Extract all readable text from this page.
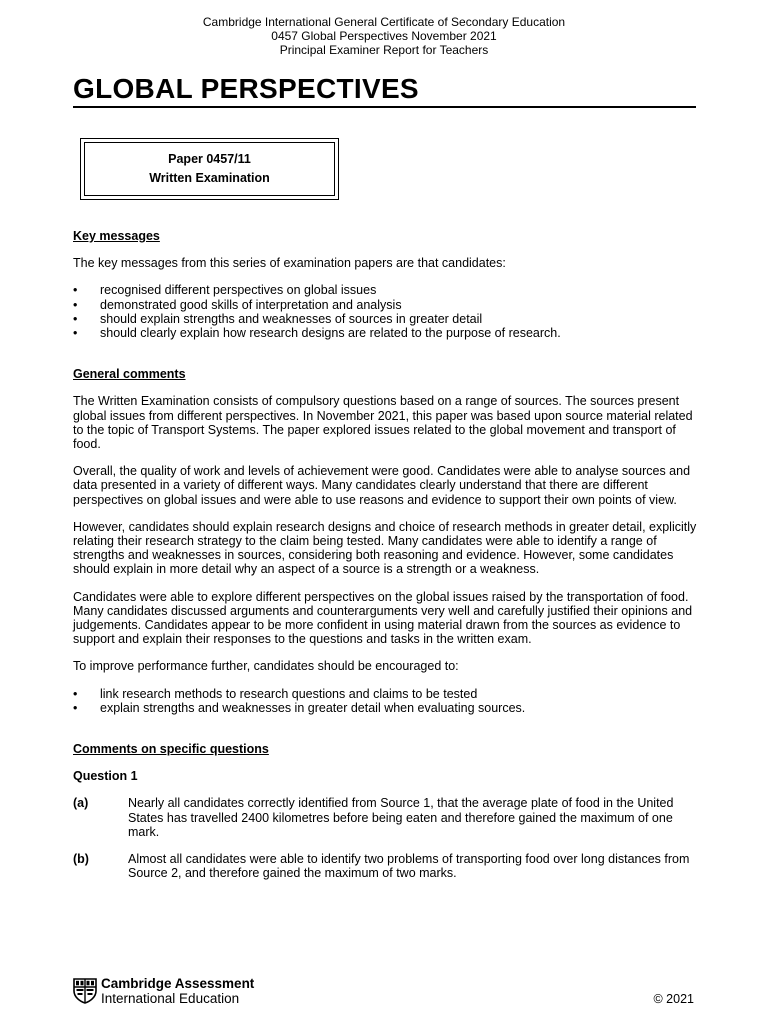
Cambridge International General Certificate of Secondary Education
0457 Global Perspectives November 2021
Principal Examiner Report for Teachers
GLOBAL PERSPECTIVES
Paper 0457/11
Written Examination
Key messages

The key messages from this series of examination papers are that candidates:

• recognised different perspectives on global issues
• demonstrated good skills of interpretation and analysis
• should explain strengths and weaknesses of sources in greater detail
• should clearly explain how research designs are related to the purpose of research.
General comments

The Written Examination consists of compulsory questions based on a range of sources. The sources present global issues from different perspectives. In November 2021, this paper was based upon source material related to the topic of Transport Systems. The paper explored issues related to the global movement and transport of food.

Overall, the quality of work and levels of achievement were good. Candidates were able to analyse sources and data presented in a variety of different ways. Many candidates clearly understand that there are different perspectives on global issues and were able to use reasons and evidence to support their own points of view.

However, candidates should explain research designs and choice of research methods in greater detail, explicitly relating their research strategy to the claim being tested. Many candidates were able to identify a range of strengths and weaknesses in sources, considering both reasoning and evidence. However, some candidates should explain in more detail why an aspect of a source is a strength or a weakness.

Candidates were able to explore different perspectives on the global issues raised by the transportation of food. Many candidates discussed arguments and counterarguments very well and carefully justified their opinions and judgements. Candidates appear to be more confident in using material drawn from the sources as evidence to support and explain their responses to the questions and tasks in the written exam.

To improve performance further, candidates should be encouraged to:

• link research methods to research questions and claims to be tested
• explain strengths and weaknesses in greater detail when evaluating sources.
Comments on specific questions
Question 1
(a)	Nearly all candidates correctly identified from Source 1, that the average plate of food in the United States has travelled 2400 kilometres before being eaten and therefore gained the maximum of one mark.
(b)	Almost all candidates were able to identify two problems of transporting food over long distances from Source 2, and therefore gained the maximum of two marks.
Cambridge Assessment
International Education	© 2021
